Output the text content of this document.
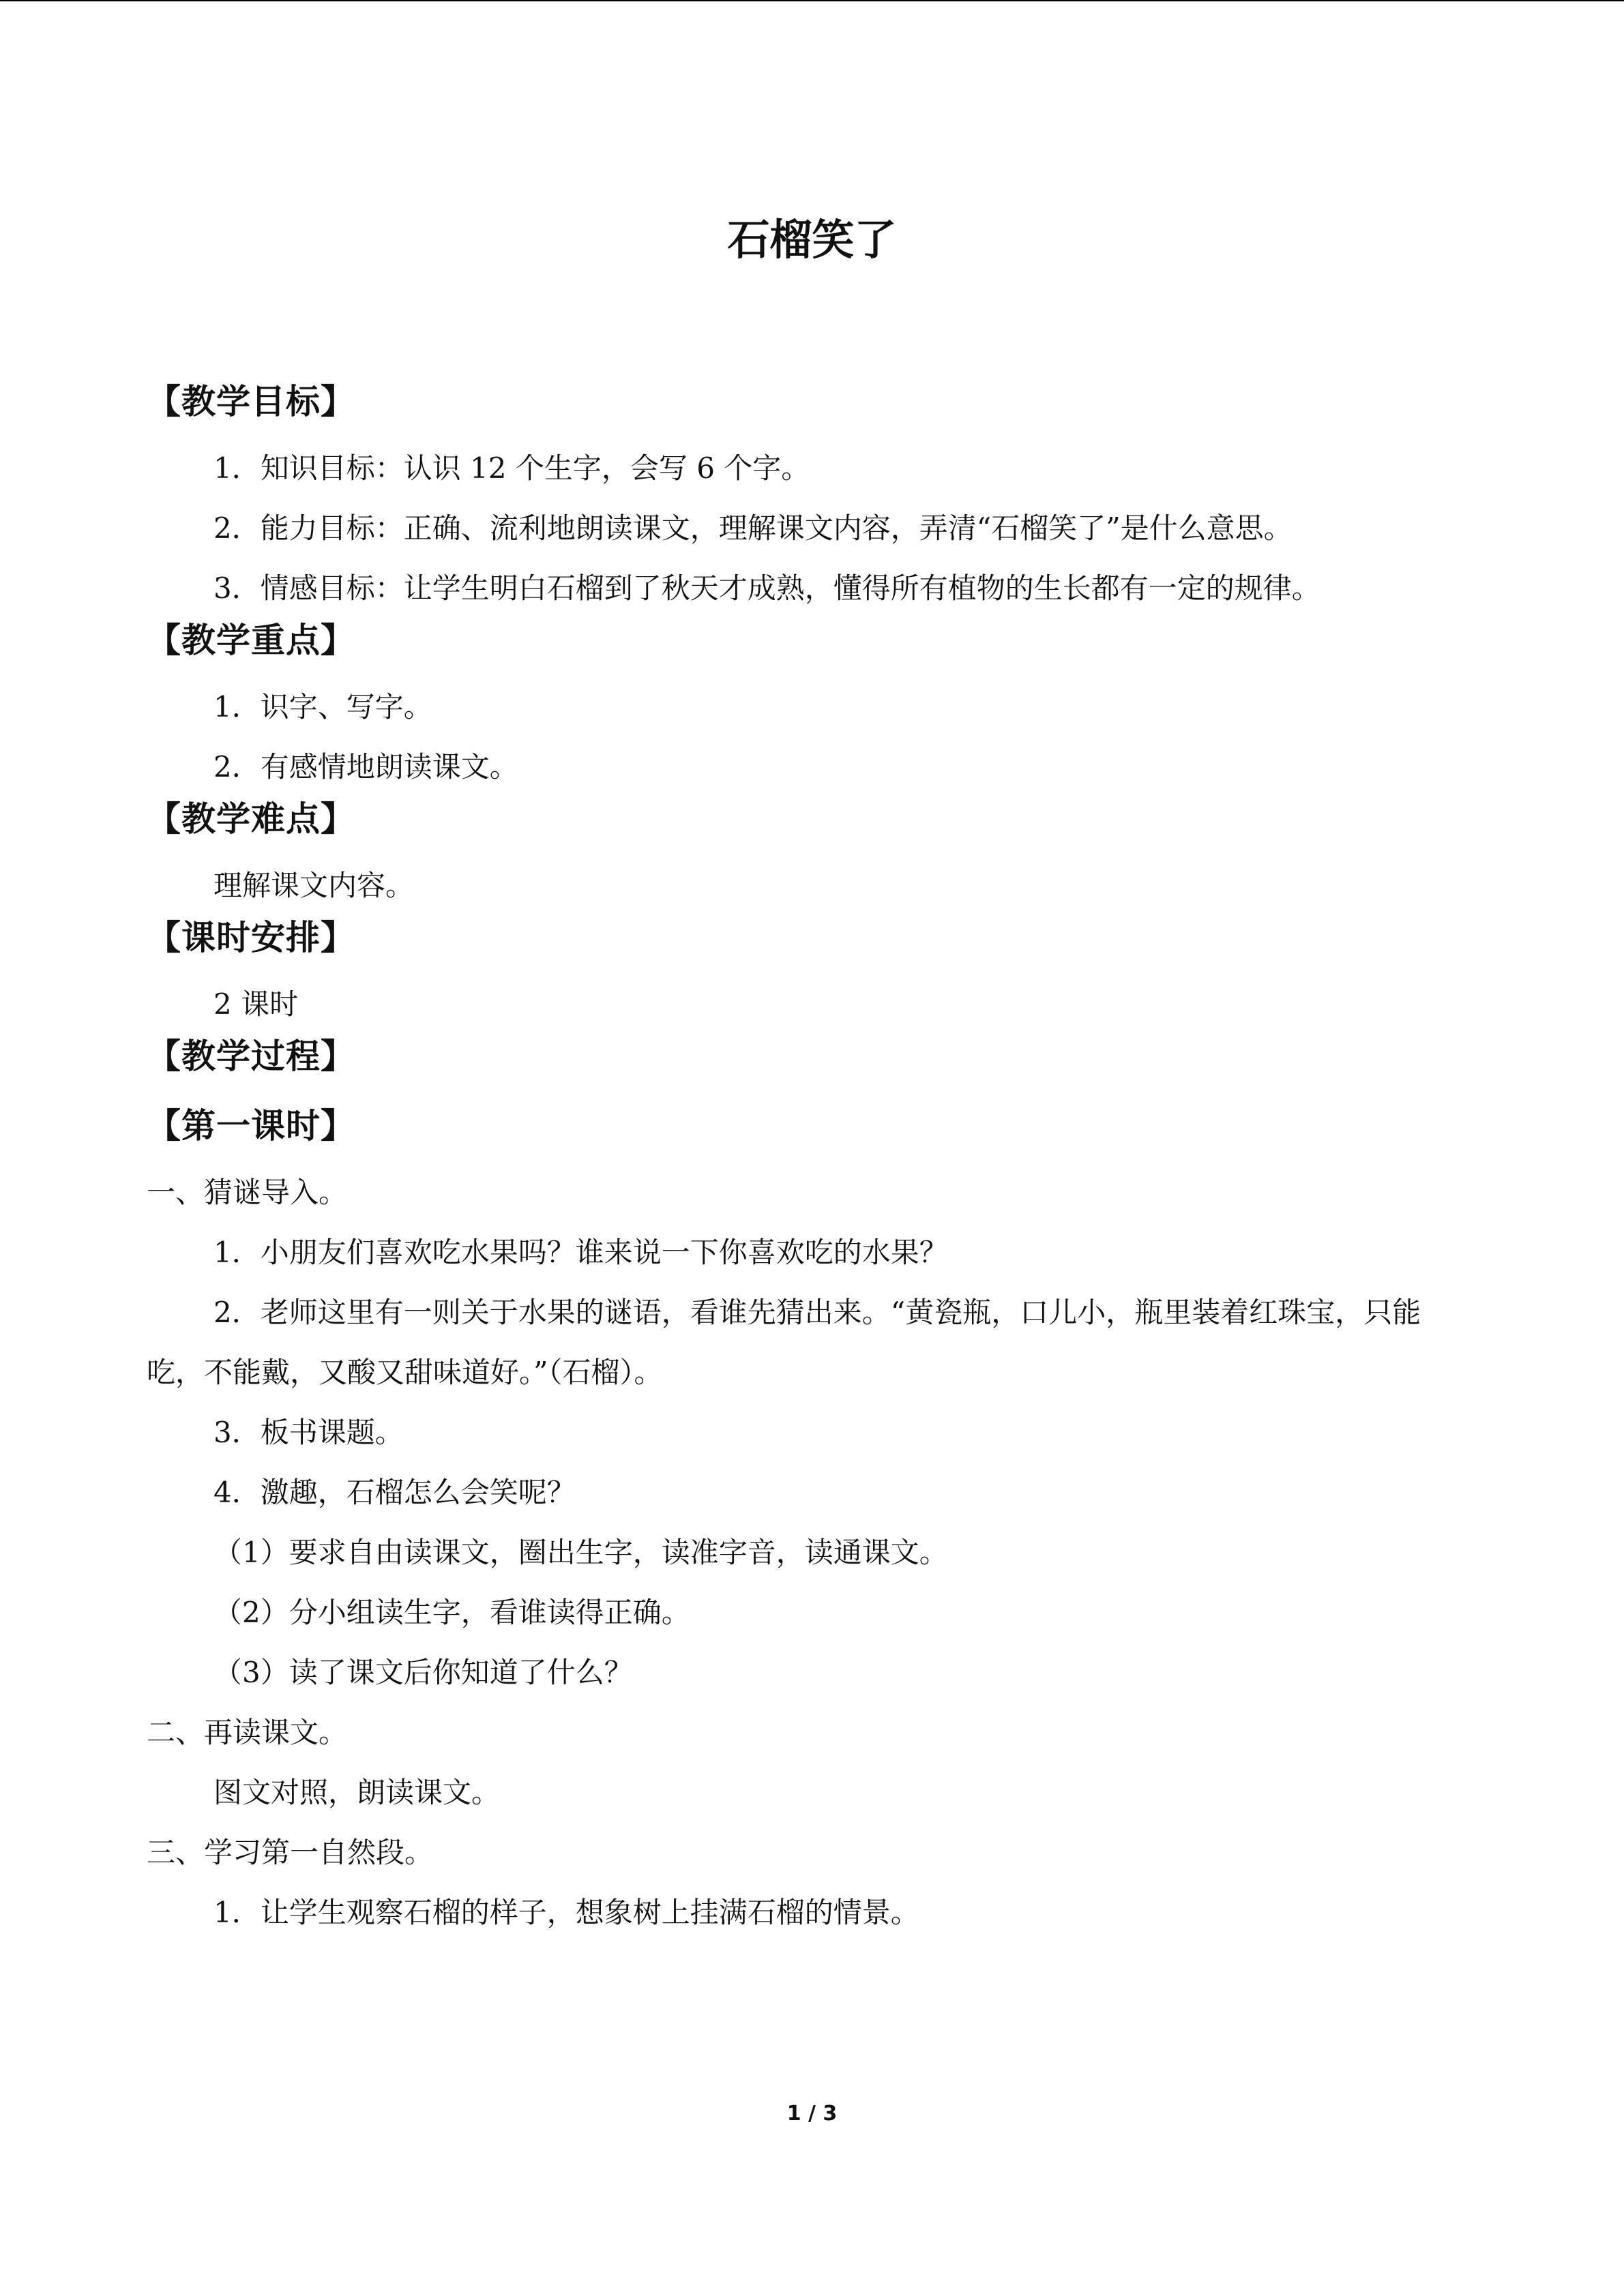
石榴笑了
【教学目标】

1．知识目标：认识 12 个生字，会写 6 个字。

2．能力目标：正确、流利地朗读课文，理解课文内容，弄清“石榴笑了”是什么意思。

3．情感目标：让学生明白石榴到了秋天才成熟，懂得所有植物的生长都有一定的规律。

【教学重点】

1．识字、写字。

2．有感情地朗读课文。

【教学难点】

理解课文内容。

【课时安排】

2 课时

【教学过程】
【第一课时】

一、猜谜导入。

1．小朋友们喜欢吃水果吗？谁来说一下你喜欢吃的水果？

2．老师这里有一则关于水果的谜语，看谁先猜出来。“黄瓷瓶，口儿小，瓶里装着红珠宝，只能吃，不能戴，又酸又甜味道好。”（石榴）。

3．板书课题。

4．激趣，石榴怎么会笑呢？

（1）要求自由读课文，圈出生字，读准字音，读通课文。

（2）分小组读生字，看谁读得正确。

（3）读了课文后你知道了什么？

二、再读课文。

图文对照，朗读课文。

三、学习第一自然段。

1．让学生观察石榴的样子，想象树上挂满石榴的情景。

1 / 3
